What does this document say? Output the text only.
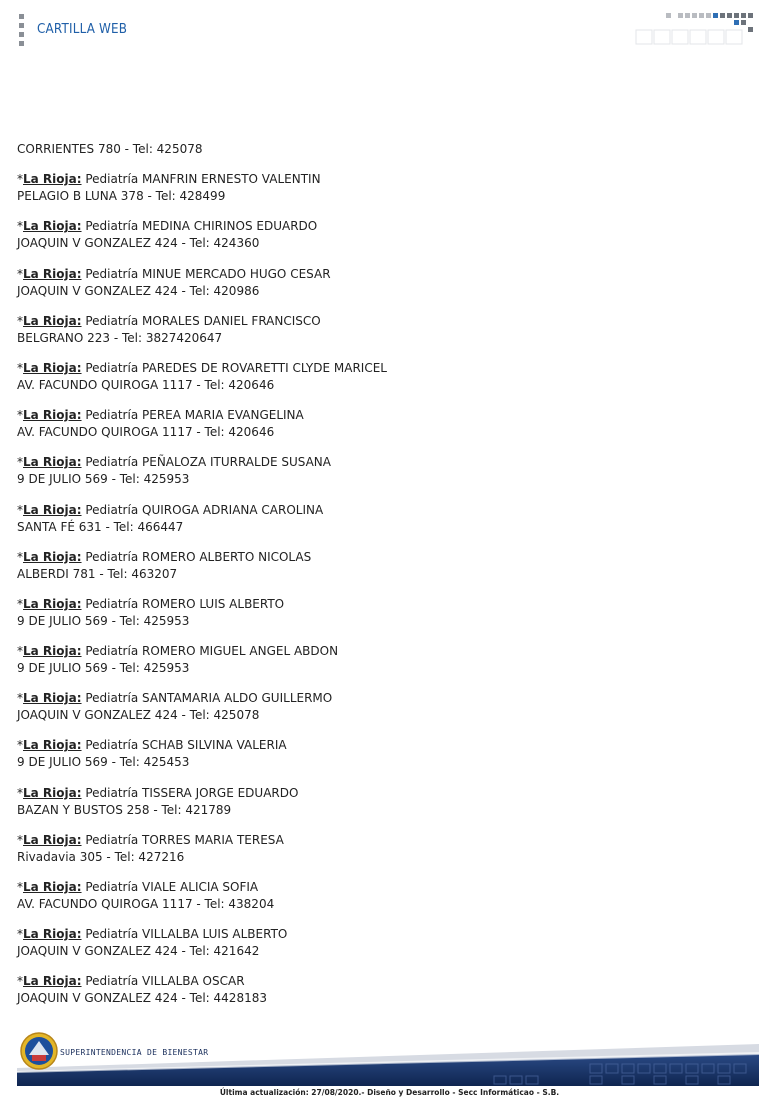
CARTILLA WEB
CORRIENTES 780 - Tel: 425078
*La Rioja: Pediatría MANFRIN ERNESTO VALENTIN
PELAGIO B LUNA 378 - Tel: 428499
*La Rioja: Pediatría MEDINA CHIRINOS EDUARDO
JOAQUIN V GONZALEZ 424 - Tel: 424360
*La Rioja: Pediatría MINUE MERCADO HUGO CESAR
JOAQUIN V GONZALEZ 424 - Tel: 420986
*La Rioja: Pediatría MORALES DANIEL FRANCISCO
BELGRANO 223 - Tel: 3827420647
*La Rioja: Pediatría PAREDES DE ROVARETTI CLYDE MARICEL
AV. FACUNDO QUIROGA 1117 - Tel: 420646
*La Rioja: Pediatría PEREA MARIA EVANGELINA
AV. FACUNDO QUIROGA 1117 - Tel: 420646
*La Rioja: Pediatría PEÑALOZA ITURRALDE SUSANA
9 DE JULIO 569 - Tel: 425953
*La Rioja: Pediatría QUIROGA ADRIANA CAROLINA
SANTA FÉ 631 - Tel: 466447
*La Rioja: Pediatría ROMERO ALBERTO NICOLAS
ALBERDI 781 - Tel: 463207
*La Rioja: Pediatría ROMERO LUIS ALBERTO
9 DE JULIO 569 - Tel: 425953
*La Rioja: Pediatría ROMERO MIGUEL ANGEL ABDON
9 DE JULIO 569 - Tel: 425953
*La Rioja: Pediatría SANTAMARIA ALDO GUILLERMO
JOAQUIN V GONZALEZ 424 - Tel: 425078
*La Rioja: Pediatría SCHAB SILVINA VALERIA
9 DE JULIO 569 - Tel: 425453
*La Rioja: Pediatría TISSERA JORGE EDUARDO
BAZAN Y BUSTOS 258 - Tel: 421789
*La Rioja: Pediatría TORRES MARIA TERESA
Rivadavia 305 - Tel: 427216
*La Rioja: Pediatría VIALE ALICIA SOFIA
AV. FACUNDO QUIROGA 1117 - Tel: 438204
*La Rioja: Pediatría VILLALBA LUIS ALBERTO
JOAQUIN V GONZALEZ 424 - Tel: 421642
*La Rioja: Pediatría VILLALBA OSCAR
JOAQUIN V GONZALEZ 424 - Tel: 4428183
SUPERINTENDENCIA DE BIENESTAR
Última actualización: 27/08/2020.- Diseño y Desarrollo - Secc Informáticao - S.B.
